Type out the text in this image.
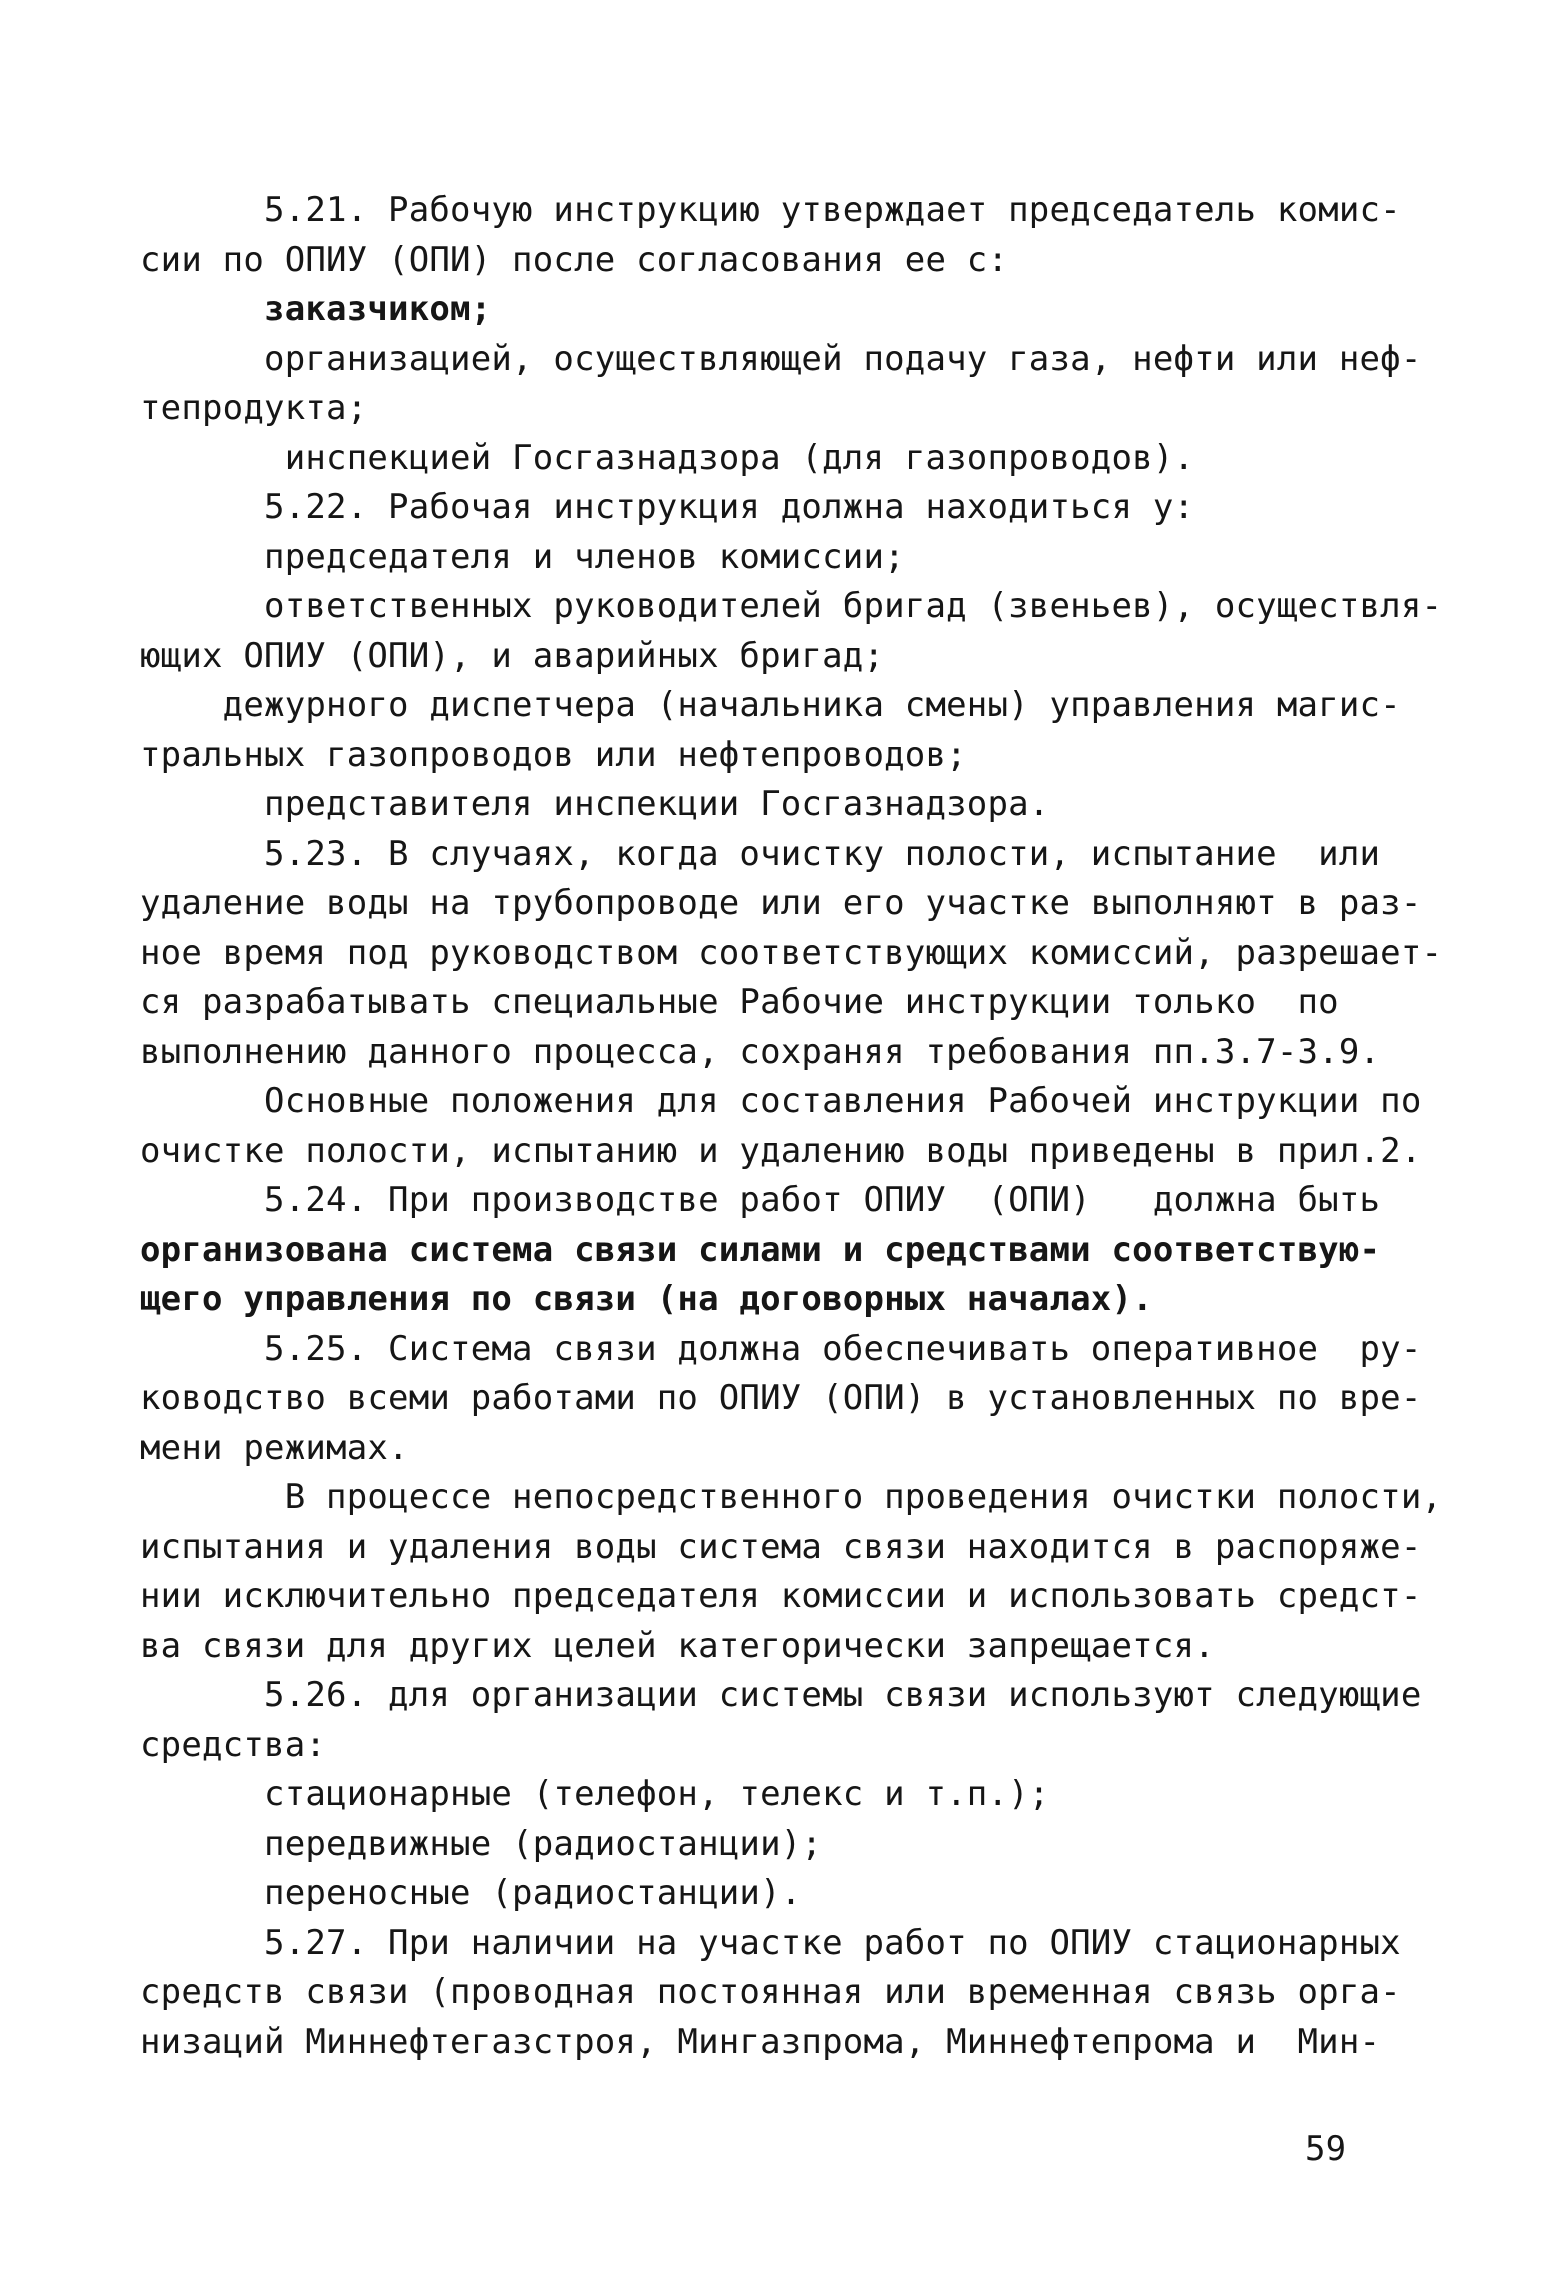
5.21. Рабочую инструкцию утверждает председатель комис-
сии по ОПИУ (ОПИ) после согласования ее с:
заказчиком;
организацией, осуществляющей подачу газа, нефти или неф-
тепродукта;
инспекцией Госгазнадзора (для газопроводов).
5.22. Рабочая инструкция должна находиться у:
председателя и членов комиссии;
ответственных руководителей бригад (звеньев), осуществля-
ющих ОПИУ (ОПИ), и аварийных бригад;
дежурного диспетчера (начальника смены) управления магис-
тральных газопроводов или нефтепроводов;
представителя инспекции Госгазнадзора.
5.23. В случаях, когда очистку полости, испытание  или
удаление воды на трубопроводе или его участке выполняют в раз-
ное время под руководством соответствующих комиссий, разрешает-
ся разрабатывать специальные Рабочие инструкции только  по
выполнению данного процесса, сохраняя требования пп.3.7-3.9.
Основные положения для составления Рабочей инструкции по
очистке полости, испытанию и удалению воды приведены в прил.2.
5.24. При производстве работ ОПИУ  (ОПИ)   должна быть
организована система связи силами и средствами соответствую-
щего управления по связи (на договорных началах).
5.25. Система связи должна обеспечивать оперативное  ру-
ководство всеми работами по ОПИУ (ОПИ) в установленных по вре-
мени режимах.
В процессе непосредственного проведения очистки полости,
испытания и удаления воды система связи находится в распоряже-
нии исключительно председателя комиссии и использовать средст-
ва связи для других целей категорически запрещается.
5.26. для организации системы связи используют следующие
средства:
стационарные (телефон, телекс и т.п.);
передвижные (радиостанции);
переносные (радиостанции).
5.27. При наличии на участке работ по ОПИУ стационарных
средств связи (проводная постоянная или временная связь орга-
низаций Миннефтегазстроя, Мингазпрома, Миннефтепрома и  Мин-
59
